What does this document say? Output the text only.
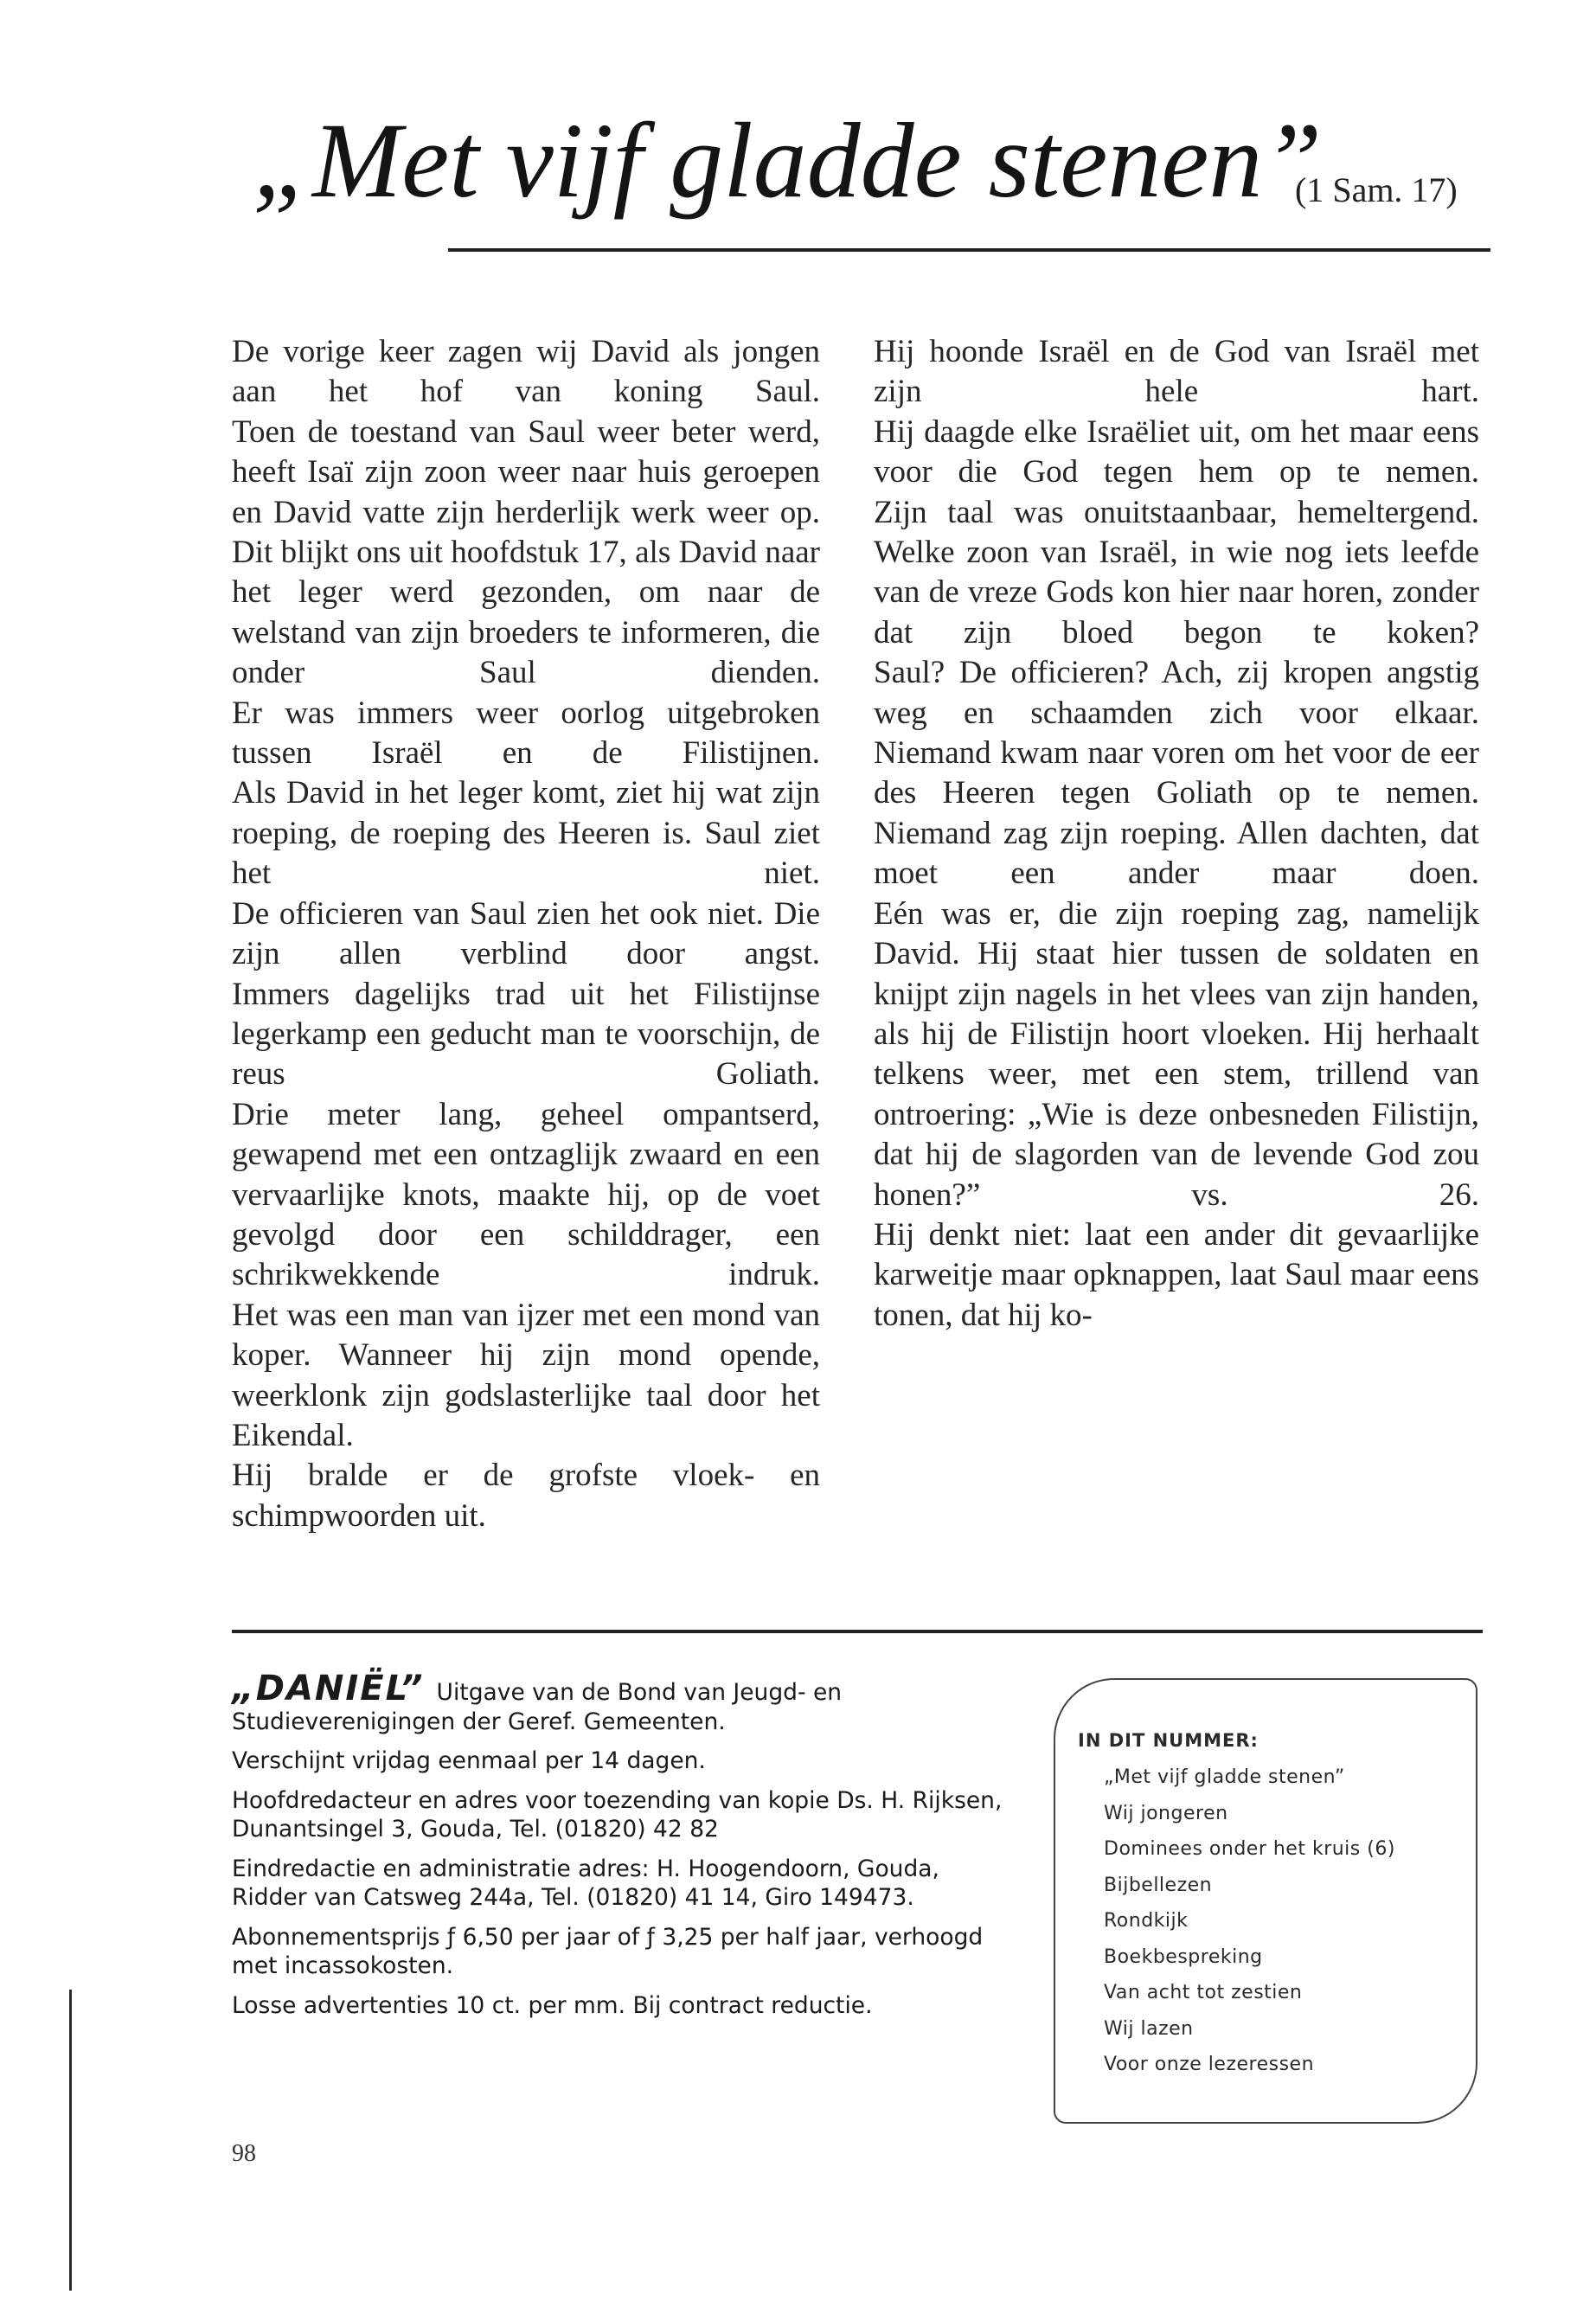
„Met vijf gladde stenen”
(1 Sam. 17)

De vorige keer zagen wij David als jongen aan het hof van koning Saul.

Toen de toestand van Saul weer beter werd, heeft Isaï zijn zoon weer naar huis geroepen en David vatte zijn herderlijk werk weer op. Dit blijkt ons uit hoofdstuk 17, als David naar het leger werd gezonden, om naar de welstand van zijn broeders te informeren, die onder Saul dienden.

Er was immers weer oorlog uitgebroken tussen Israël en de Filistijnen.

Als David in het leger komt, ziet hij wat zijn roeping, de roeping des Heeren is. Saul ziet het niet.

De officieren van Saul zien het ook niet. Die zijn allen verblind door angst.

Immers dagelijks trad uit het Filistijnse legerkamp een geducht man te voorschijn, de reus Goliath.

Drie meter lang, geheel ompantserd, gewapend met een ontzaglijk zwaard en een vervaarlijke knots, maakte hij, op de voet gevolgd door een schilddrager, een schrikwekkende indruk.

Het was een man van ijzer met een mond van koper. Wanneer hij zijn mond opende, weerklonk zijn godslasterlijke taal door het Eikendal.

Hij bralde er de grofste vloek- en schimpwoorden uit.

Hij hoonde Israël en de God van Israël met zijn hele hart.

Hij daagde elke Israëliet uit, om het maar eens voor die God tegen hem op te nemen.

Zijn taal was onuitstaanbaar, hemeltergend.

Welke zoon van Israël, in wie nog iets leefde van de vreze Gods kon hier naar horen, zonder dat zijn bloed begon te koken?

Saul? De officieren? Ach, zij kropen angstig weg en schaamden zich voor elkaar.

Niemand kwam naar voren om het voor de eer des Heeren tegen Goliath op te nemen. Niemand zag zijn roeping. Allen dachten, dat moet een ander maar doen.

Eén was er, die zijn roeping zag, namelijk David. Hij staat hier tussen de soldaten en knijpt zijn nagels in het vlees van zijn handen, als hij de Filistijn hoort vloeken. Hij herhaalt telkens weer, met een stem, trillend van ontroering: „Wie is deze onbesneden Filistijn, dat hij de slagorden van de levende God zou honen?” vs. 26.

Hij denkt niet: laat een ander dit gevaarlijke karweitje maar opknappen, laat Saul maar eens tonen, dat hij ko-

„DANIËL” Uitgave van de Bond van Jeugd- en Studieverenigingen der Geref. Gemeenten.

Verschijnt vrijdag eenmaal per 14 dagen.

Hoofdredacteur en adres voor toezending van kopie Ds. H. Rijksen, Dunantsingel 3, Gouda, Tel. (01820) 42 82

Eindredactie en administratie adres: H. Hoogendoorn, Gouda, Ridder van Catsweg 244a, Tel. (01820) 41 14, Giro 149473.

Abonnementsprijs ƒ 6,50 per jaar of ƒ 3,25 per half jaar, verhoogd met incassokosten.

Losse advertenties 10 ct. per mm. Bij contract reductie.

IN DIT NUMMER:
„Met vijf gladde stenen”
Wij jongeren
Dominees onder het kruis (6)
Bijbellezen
Rondkijk
Boekbespreking
Van acht tot zestien
Wij lazen
Voor onze lezeressen
98
